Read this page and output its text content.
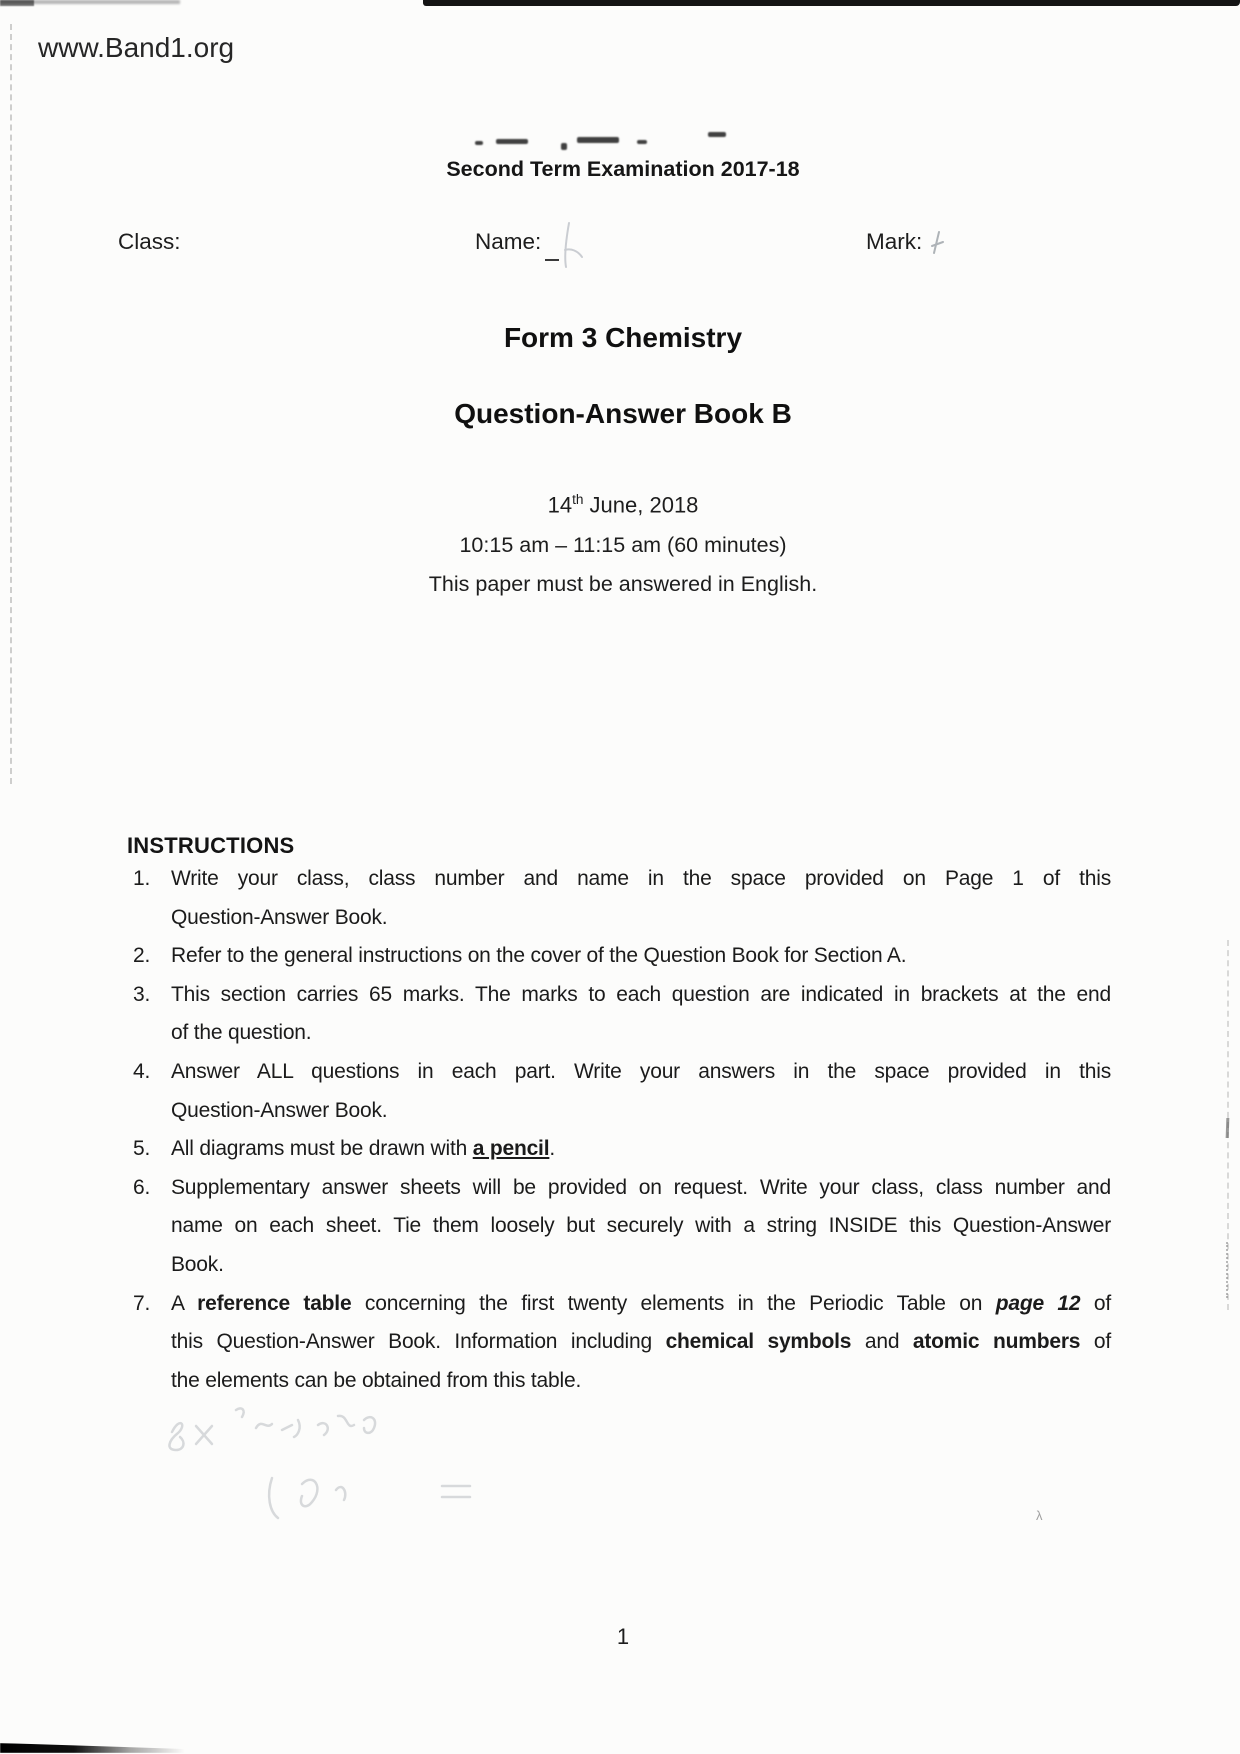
www.Band1.org
Second Term Examination 2017-18
Class:	Name:	Mark:
Form 3 Chemistry
Question-Answer Book B
14th June, 2018
10:15 am – 11:15 am (60 minutes)
This paper must be answered in English.
INSTRUCTIONS
1. Write your class, class number and name in the space provided on Page 1 of this
Question-Answer Book.
2. Refer to the general instructions on the cover of the Question Book for Section A.
3. This section carries 65 marks. The marks to each question are indicated in brackets at the end
of the question.
4. Answer ALL questions in each part. Write your answers in the space provided in this
Question-Answer Book.
5. All diagrams must be drawn with a pencil.
6. Supplementary answer sheets will be provided on request. Write your class, class number and
name on each sheet. Tie them loosely but securely with a string INSIDE this Question-Answer
Book.
7. A reference table concerning the first twenty elements in the Periodic Table on page 12 of
this Question-Answer Book. Information including chemical symbols and atomic numbers of
the elements can be obtained from this table.
λ
1
